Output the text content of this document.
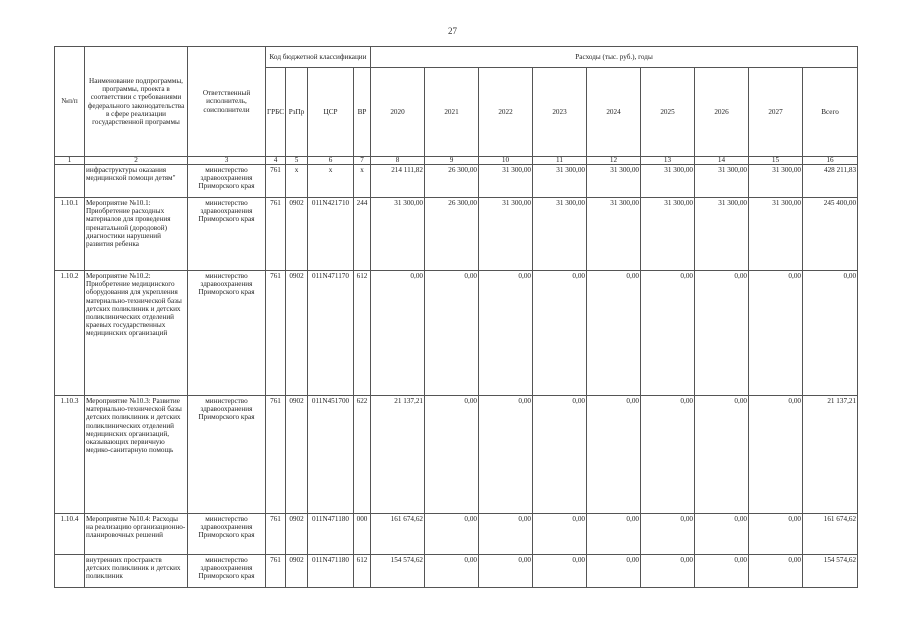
27
№п/п	Наименование подпрограммы, программы, проекта в соответствии с требованиями федерального законодательства в сфере реализации государственной программы	Ответственный исполнитель, соисполнители	Код бюджетной классификации				Расходы (тыс. руб.), годы								
			ГРБС	РзПр	ЦСР	ВР	2020	2021	2022	2023	2024	2025	2026	2027	Всего
1	2	3	4	5	6	7	8	9	10	11	12	13	14	15	16
	инфраструктуры оказания медицинской помощи детям"	министерство здравоохранения Приморского края	761	х	х	х	214 111,82	26 300,00	31 300,00	31 300,00	31 300,00	31 300,00	31 300,00	31 300,00	428 211,83
1.10.1	Мероприятие №10.1: Приобретение расходных материалов для проведения пренатальной (дородовой) диагностики нарушений развития ребенка	министерство здравоохранения Приморского края	761	0902	011N421710	244	31 300,00	26 300,00	31 300,00	31 300,00	31 300,00	31 300,00	31 300,00	31 300,00	245 400,00
1.10.2	Мероприятие №10.2: Приобретение медицинского оборудования для укрепления материально-технической базы детских поликлиник и детских поликлинических отделений краевых государственных медицинских организаций	министерство здравоохранения Приморского края	761	0902	011N471170	612	0,00	0,00	0,00	0,00	0,00	0,00	0,00	0,00	0,00
1.10.3	Мероприятие №10.3: Развитие материально-технической базы детских поликлиник и детских поликлинических отделений медицинских организаций, оказывающих первичную медико-санитарную помощь	министерство здравоохранения Приморского края	761	0902	011N451700	622	21 137,21	0,00	0,00	0,00	0,00	0,00	0,00	0,00	21 137,21
1.10.4	Мероприятие №10.4: Расходы на реализацию организационно-планировочных решений	министерство здравоохранения Приморского края	761	0902	011N471180	000	161 674,62	0,00	0,00	0,00	0,00	0,00	0,00	0,00	161 674,62
	внутренних пространств детских поликлиник и детских поликлиник	министерство здравоохранения Приморского края	761	0902	011N471180	612	154 574,62	0,00	0,00	0,00	0,00	0,00	0,00	0,00	154 574,62
